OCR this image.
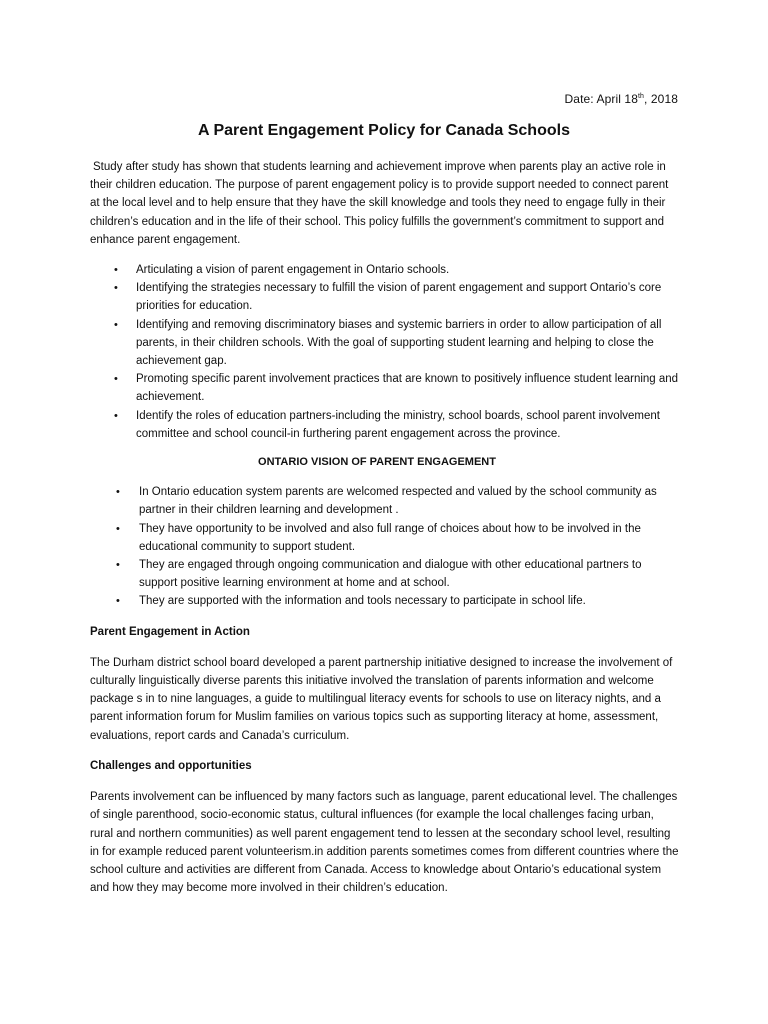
Date: April 18th, 2018
A Parent Engagement Policy for Canada Schools

Study after study has shown that students learning and achievement improve when parents play an active role in their children education. The purpose of parent engagement policy is to provide support needed to connect parent at the local level and to help ensure that they have the skill knowledge and tools they need to engage fully in their children’s education and in the life of their school. This policy fulfills the government’s commitment to support and enhance parent engagement.

• Articulating a vision of parent engagement in Ontario schools.
• Identifying the strategies necessary to fulfill the vision of parent engagement and support Ontario’s core priorities for education.
• Identifying and removing discriminatory biases and systemic barriers in order to allow participation of all parents, in their children schools. With the goal of supporting student learning and helping to close the achievement gap.
• Promoting specific parent involvement practices that are known to positively influence student learning and achievement.
• Identify the roles of education partners-including the ministry, school boards, school parent involvement committee and school council-in furthering parent engagement across the province.

ONTARIO VISION OF PARENT ENGAGEMENT

• In Ontario education system parents are welcomed respected and valued by the school community as partner in their children learning and development .
• They have opportunity to be involved and also full range of choices about how to be involved in the educational community to support student.
• They are engaged through ongoing communication and dialogue with other educational partners to support positive learning environment at home and at school.
• They are supported with the information and tools necessary to participate in school life.

Parent Engagement in Action

The Durham district school board developed a parent partnership initiative designed to increase the involvement of culturally linguistically diverse parents this initiative involved the translation of parents information and welcome package s in to nine languages, a guide to multilingual literacy events for schools to use on literacy nights, and a parent information forum for Muslim families on various topics such as supporting literacy at home, assessment, evaluations, report cards and Canada’s curriculum.

Challenges and opportunities

Parents involvement can be influenced by many factors such as language, parent educational level. The challenges of single parenthood, socio-economic status, cultural influences (for example the local challenges facing urban, rural and northern communities) as well parent engagement tend to lessen at the secondary school level, resulting in for example reduced parent volunteerism.in addition parents sometimes comes from different countries where the school culture and activities are different from Canada. Access to knowledge about Ontario’s educational system and how they may become more involved in their children’s education.
